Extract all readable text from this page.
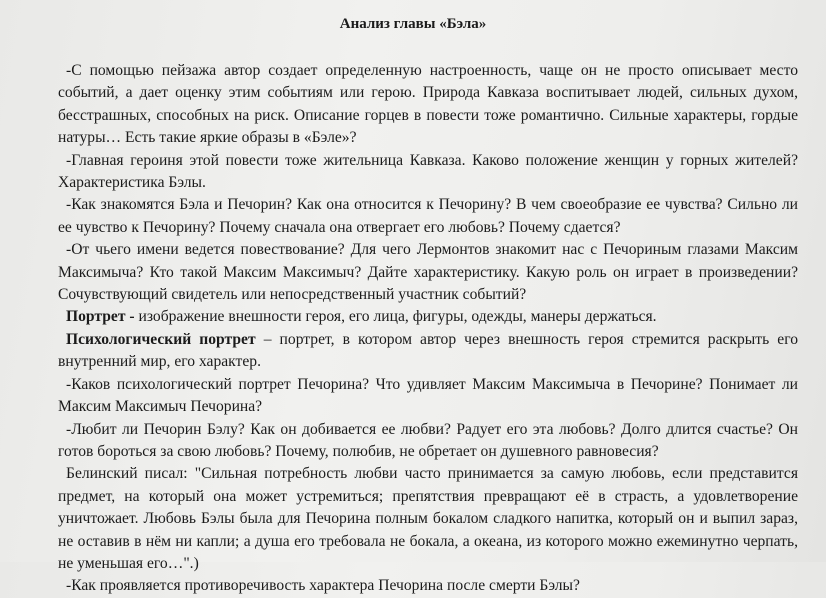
Анализ главы «Бэла»

-С помощью пейзажа автор создает определенную настроенность, чаще он не просто описывает место событий, а дает оценку этим событиям или герою. Природа Кавказа воспитывает людей, сильных духом, бесстрашных, способных на риск. Описание горцев в повести тоже романтично. Сильные характеры, гордые натуры… Есть такие яркие образы в «Бэле»?

-Главная героиня этой повести тоже жительница Кавказа. Каково положение женщин у горных жителей? Характеристика Бэлы.

-Как знакомятся Бэла и Печорин? Как она относится к Печорину? В чем своеобразие ее чувства? Сильно ли ее чувство к Печорину? Почему сначала она отвергает его любовь? Почему сдается?

-От чьего имени ведется повествование? Для чего Лермонтов знакомит нас с Печориным глазами Максим Максимыча? Кто такой Максим Максимыч? Дайте характеристику. Какую роль он играет в произведении? Сочувствующий свидетель или непосредственный участник событий?

Портрет - изображение внешности героя, его лица, фигуры, одежды, манеры держаться.

Психологический портрет – портрет, в котором автор через внешность героя стремится раскрыть его внутренний мир, его характер.

-Каков психологический портрет Печорина? Что удивляет Максим Максимыча в Печорине? Понимает ли Максим Максимыч Печорина?

-Любит ли Печорин Бэлу? Как он добивается ее любви? Радует его эта любовь? Долго длится счастье? Он готов бороться за свою любовь? Почему, полюбив, не обретает он душевного равновесия?

Белинский писал: "Сильная потребность любви часто принимается за самую любовь, если представится предмет, на который она может устремиться; препятствия превращают её в страсть, а удовлетворение уничтожает. Любовь Бэлы была для Печорина полным бокалом сладкого напитка, который он и выпил зараз, не оставив в нём ни капли; а душа его требовала не бокала, а океана, из которого можно ежеминутно черпать, не уменьшая его…".)

-Как проявляется противоречивость характера Печорина после смерти Бэлы?
